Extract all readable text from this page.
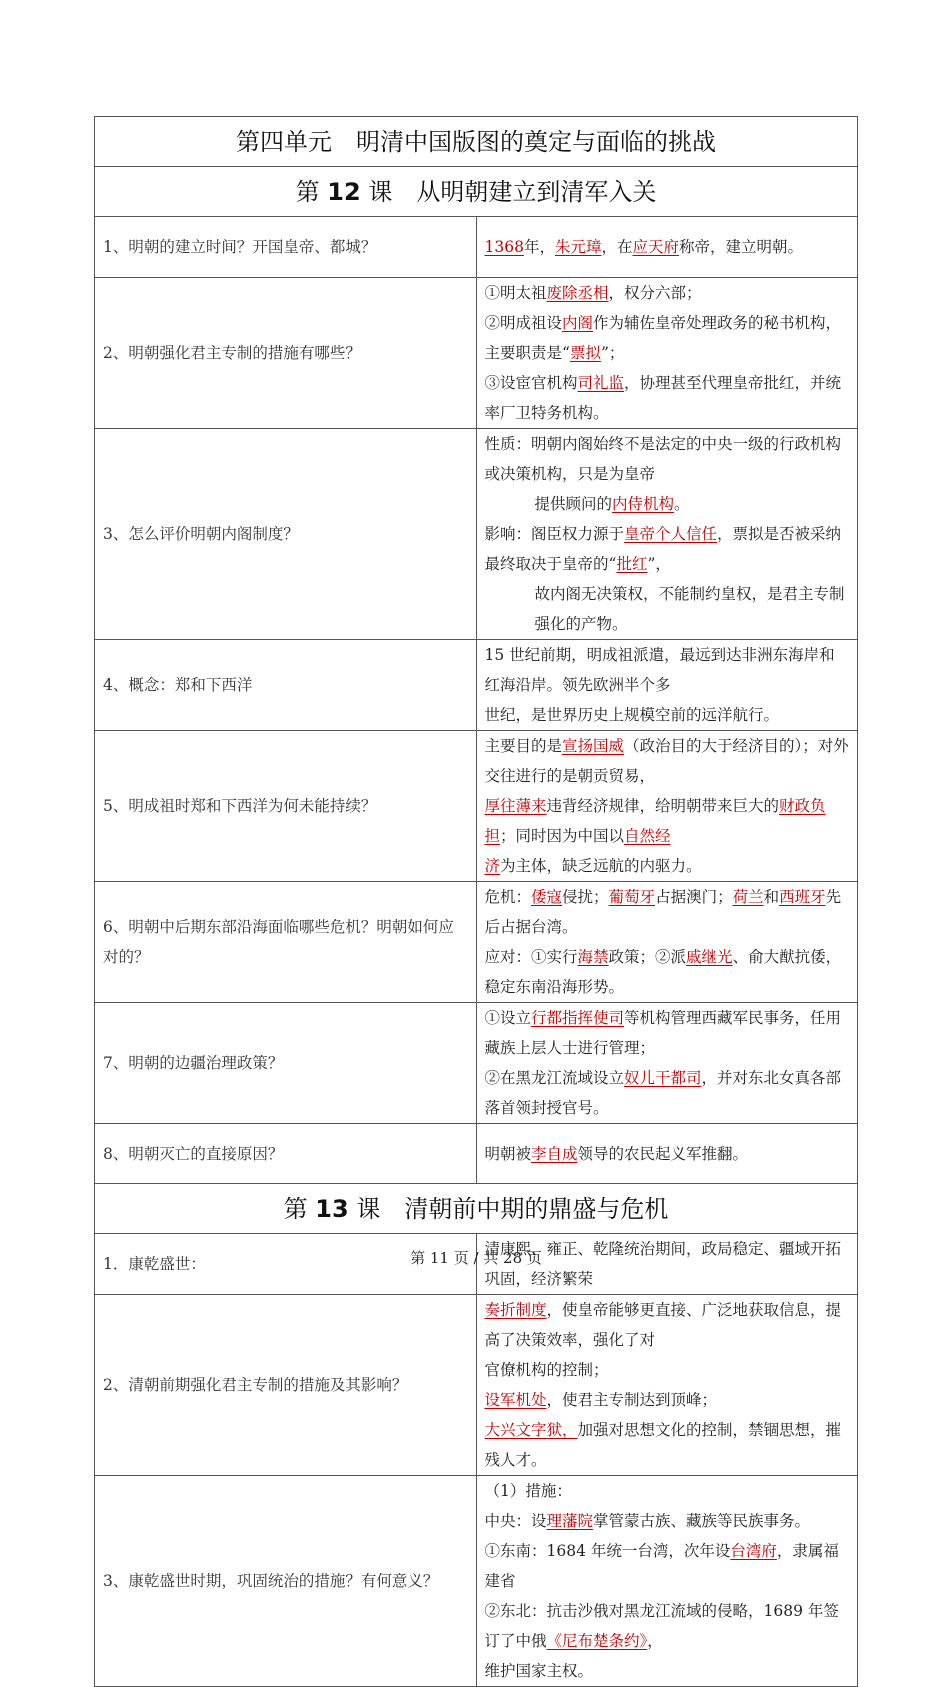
第四单元　明清中国版图的奠定与面临的挑战	
第 12 课　从明朝建立到清军入关	
1、明朝的建立时间？开国皇帝、都城？	1368年，朱元璋，在应天府称帝，建立明朝。

2、明朝强化君主专制的措施有哪些？	①明太祖废除丞相，权分六部；
②明成祖设内阁作为辅佐皇帝处理政务的秘书机构，主要职责是“票拟”；
③设宦官机构司礼监，协理甚至代理皇帝批红，并统率厂卫特务机构。

3、怎么评价明朝内阁制度？	性质：明朝内阁始终不是法定的中央一级的行政机构或决策机构，只是为皇帝
提供顾问的内侍机构。
影响：阁臣权力源于皇帝个人信任，票拟是否被采纳最终取决于皇帝的“批红”，
故内阁无决策权，不能制约皇权，是君主专制强化的产物。

4、概念：郑和下西洋	15 世纪前期，明成祖派遣，最远到达非洲东海岸和红海沿岸。领先欧洲半个多
世纪，是世界历史上规模空前的远洋航行。

5、明成祖时郑和下西洋为何未能持续？	主要目的是宣扬国威（政治目的大于经济目的）；对外交往进行的是朝贡贸易，
厚往薄来违背经济规律，给明朝带来巨大的财政负担；同时因为中国以自然经
济为主体，缺乏远航的内驱力。

6、明朝中后期东部沿海面临哪些危机？明朝如何应对的？	危机：倭寇侵扰；葡萄牙占据澳门；荷兰和西班牙先后占据台湾。
应对：①实行海禁政策；②派戚继光、俞大猷抗倭，稳定东南沿海形势。

7、明朝的边疆治理政策？	①设立行都指挥使司等机构管理西藏军民事务，任用藏族上层人士进行管理；
②在黑龙江流域设立奴儿干都司，并对东北女真各部落首领封授官号。

8、明朝灭亡的直接原因？	明朝被李自成领导的农民起义军推翻。

第 13 课　清朝前中期的鼎盛与危机	
1．康乾盛世：	清康熙、雍正、乾隆统治期间，政局稳定、疆域开拓巩固，经济繁荣

2、清朝前期强化君主专制的措施及其影响？	奏折制度，使皇帝能够更直接、广泛地获取信息，提高了决策效率，强化了对
官僚机构的控制；
设军机处，使君主专制达到顶峰；
大兴文字狱，加强对思想文化的控制，禁锢思想，摧残人才。

3、康乾盛世时期，巩固统治的措施？有何意义？	（1）措施：
中央：设理藩院掌管蒙古族、藏族等民族事务。
①东南：1684 年统一台湾，次年设台湾府，隶属福建省
②东北：抗击沙俄对黑龙江流域的侵略，1689 年签订了中俄《尼布楚条约》，
维护国家主权。
第 11 页 / 共 28 页
